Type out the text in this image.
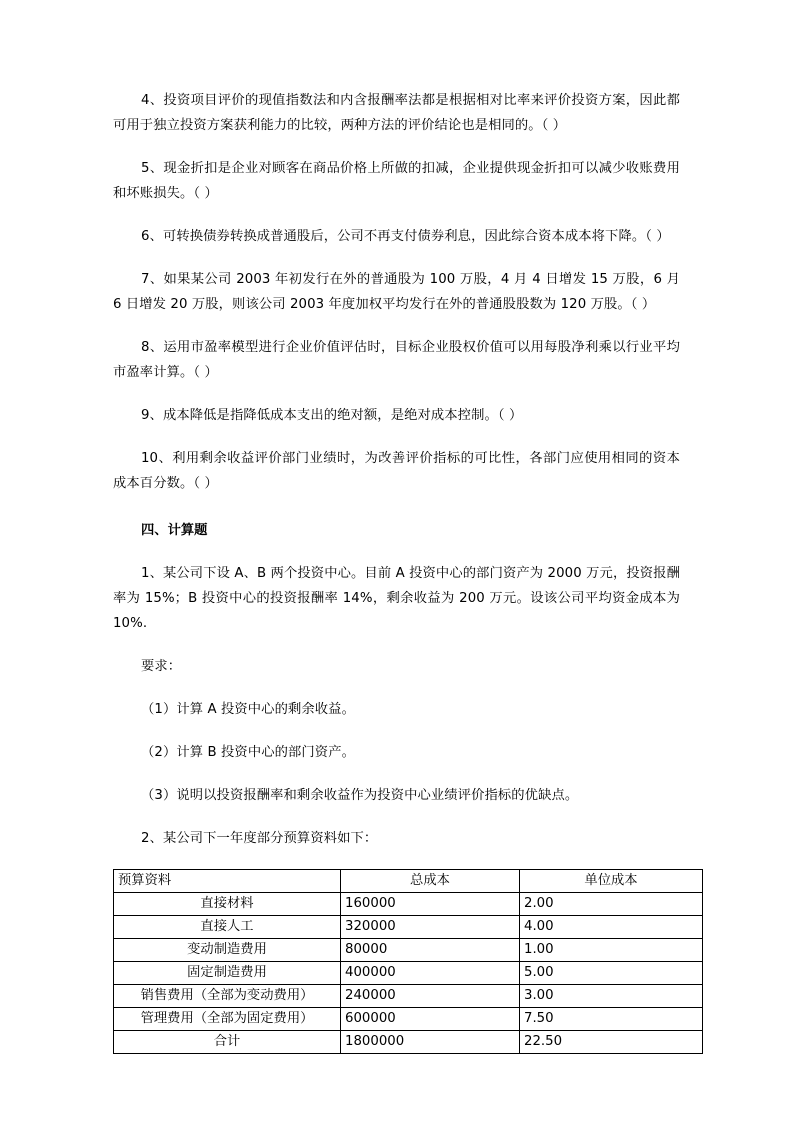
4、投资项目评价的现值指数法和内含报酬率法都是根据相对比率来评价投资方案，因此都可用于独立投资方案获利能力的比较，两种方法的评价结论也是相同的。（ ）

5、现金折扣是企业对顾客在商品价格上所做的扣减，企业提供现金折扣可以减少收账费用和坏账损失。（ ）

6、可转换债券转换成普通股后，公司不再支付债券利息，因此综合资本成本将下降。（ ）

7、如果某公司 2003 年初发行在外的普通股为 100 万股，4 月 4 日增发 15 万股，6 月 6 日增发 20 万股，则该公司 2003 年度加权平均发行在外的普通股股数为 120 万股。（ ）

8、运用市盈率模型进行企业价值评估时，目标企业股权价值可以用每股净利乘以行业平均市盈率计算。（ ）

9、成本降低是指降低成本支出的绝对额，是绝对成本控制。（ ）

10、利用剩余收益评价部门业绩时，为改善评价指标的可比性，各部门应使用相同的资本成本百分数。（ ）

四、计算题

1、某公司下设 A、B 两个投资中心。目前 A 投资中心的部门资产为 2000 万元，投资报酬率为 15%；B 投资中心的投资报酬率 14%，剩余收益为 200 万元。设该公司平均资金成本为 10%.

要求：

（1）计算 A 投资中心的剩余收益。

（2）计算 B 投资中心的部门资产。

（3）说明以投资报酬率和剩余收益作为投资中心业绩评价指标的优缺点。

2、某公司下一年度部分预算资料如下：

预算资料	总成本	单位成本
直接材料	160000	2.00
直接人工	320000	4.00
变动制造费用	80000	1.00
固定制造费用	400000	5.00
销售费用（全部为变动费用）	240000	3.00
管理费用（全部为固定费用）	600000	7.50
合计	1800000	22.50
